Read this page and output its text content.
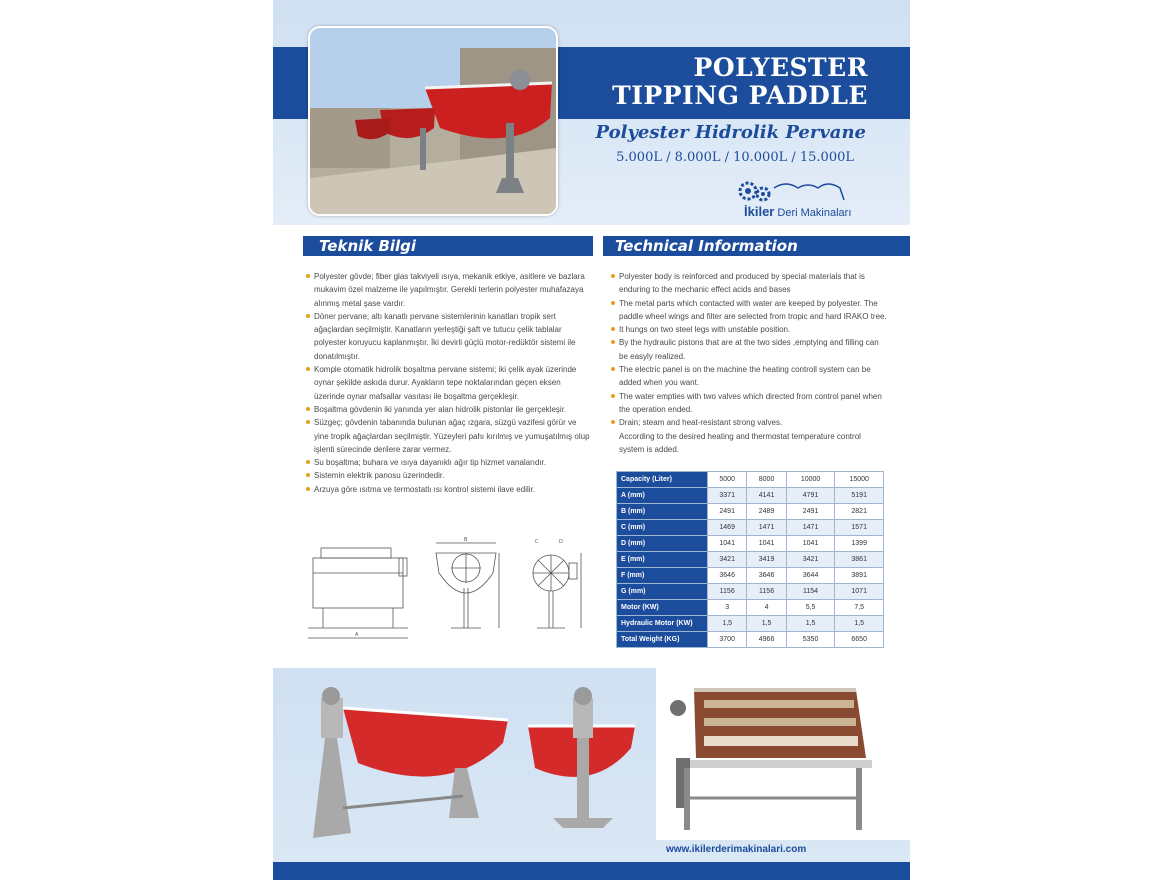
POLYESTER
TIPPING PADDLE
Polyester Hidrolik Pervane
5.000L / 8.000L / 10.000L / 15.000L
İkiler Deri Makinaları
Teknik Bilgi	Technical Information
Polyester gövde; fiber glas takviyeli ısıya, mekanik etkiye, asitlere ve bazlara mukavim özel malzeme ile yapılmıştır. Gerekli terlerin polyester muhafazaya alınmış metal şase vardır.
Döner pervane; altı kanatlı pervane sistemlerinin kanatları tropik sert ağaçlardan seçilmiştir. Kanatların yerleştiği şaft ve tutucu çelik tablalar polyester koruyucu kaplanmıştır. İki devirli güçlü motor-redüktör sistemi ile donatılmıştır.
Komple otomatik hidrolik boşaltma pervane sistemi; iki çelik ayak üzerinde oynar şekilde askıda durur. Ayakların tepe noktalarından geçen eksen üzerinde oynar mafsallar vasıtası ile boşaltma gerçekleşir.
Boşaltma gövdenin iki yanında yer alan hidrolik pistonlar ile gerçekleşir.
Süzgeç; gövdenin tabanında bulunan ağaç ızgara, süzgü vazifesi görür ve yine tropik ağaçlardan seçilmiştir. Yüzeyleri pahı kırılmış ve yumuşatılmış olup işlenti sürecinde derilere zarar vermez.
Su boşaltma; buhara ve ısıya dayanıklı ağır tip hizmet vanalarıdır.
Sistemin elektrik panosu üzerindedir.
Arzuya göre ısıtma ve termostatlı ısı kontrol sistemi ilave edilir.
Polyester body is reinforced and produced by special materials that is enduring to the mechanic effect acids and bases
The metal parts which contacted with water are keeped by polyester. The paddle wheel wings and filter are selected from tropic and hard IRAKO tree.
It hungs on two steel legs with unstable position.
By the hydraulic pistons that are at the two sides ,emptying and filling can be easyly realized.
The electric panel is on the machine the heating controll system can be added when you want.
The water empties with two valves which directed from control panel when the operation ended.
Drain; steam and heat-resistant strong valves.
According to the desired heating and thermostat temperature control system is added.
Capacity (Liter)	5000	8000	10000	15000
A (mm)	3371	4141	4791	5191
B (mm)	2491	2489	2491	2821
C (mm)	1469	1471	1471	1571
D (mm)	1041	1041	1041	1399
E (mm)	3421	3419	3421	3861
F (mm)	3646	3646	3644	3891
G (mm)	1156	1156	1154	1071
Motor (KW)	3	4	5,5	7,5
Hydraulic Motor (KW)	1,5	1,5	1,5	1,5
Total Weight (KG)	3700	4966	5350	6650
A
B	C	D
www.ikilerderimakinalari.com
